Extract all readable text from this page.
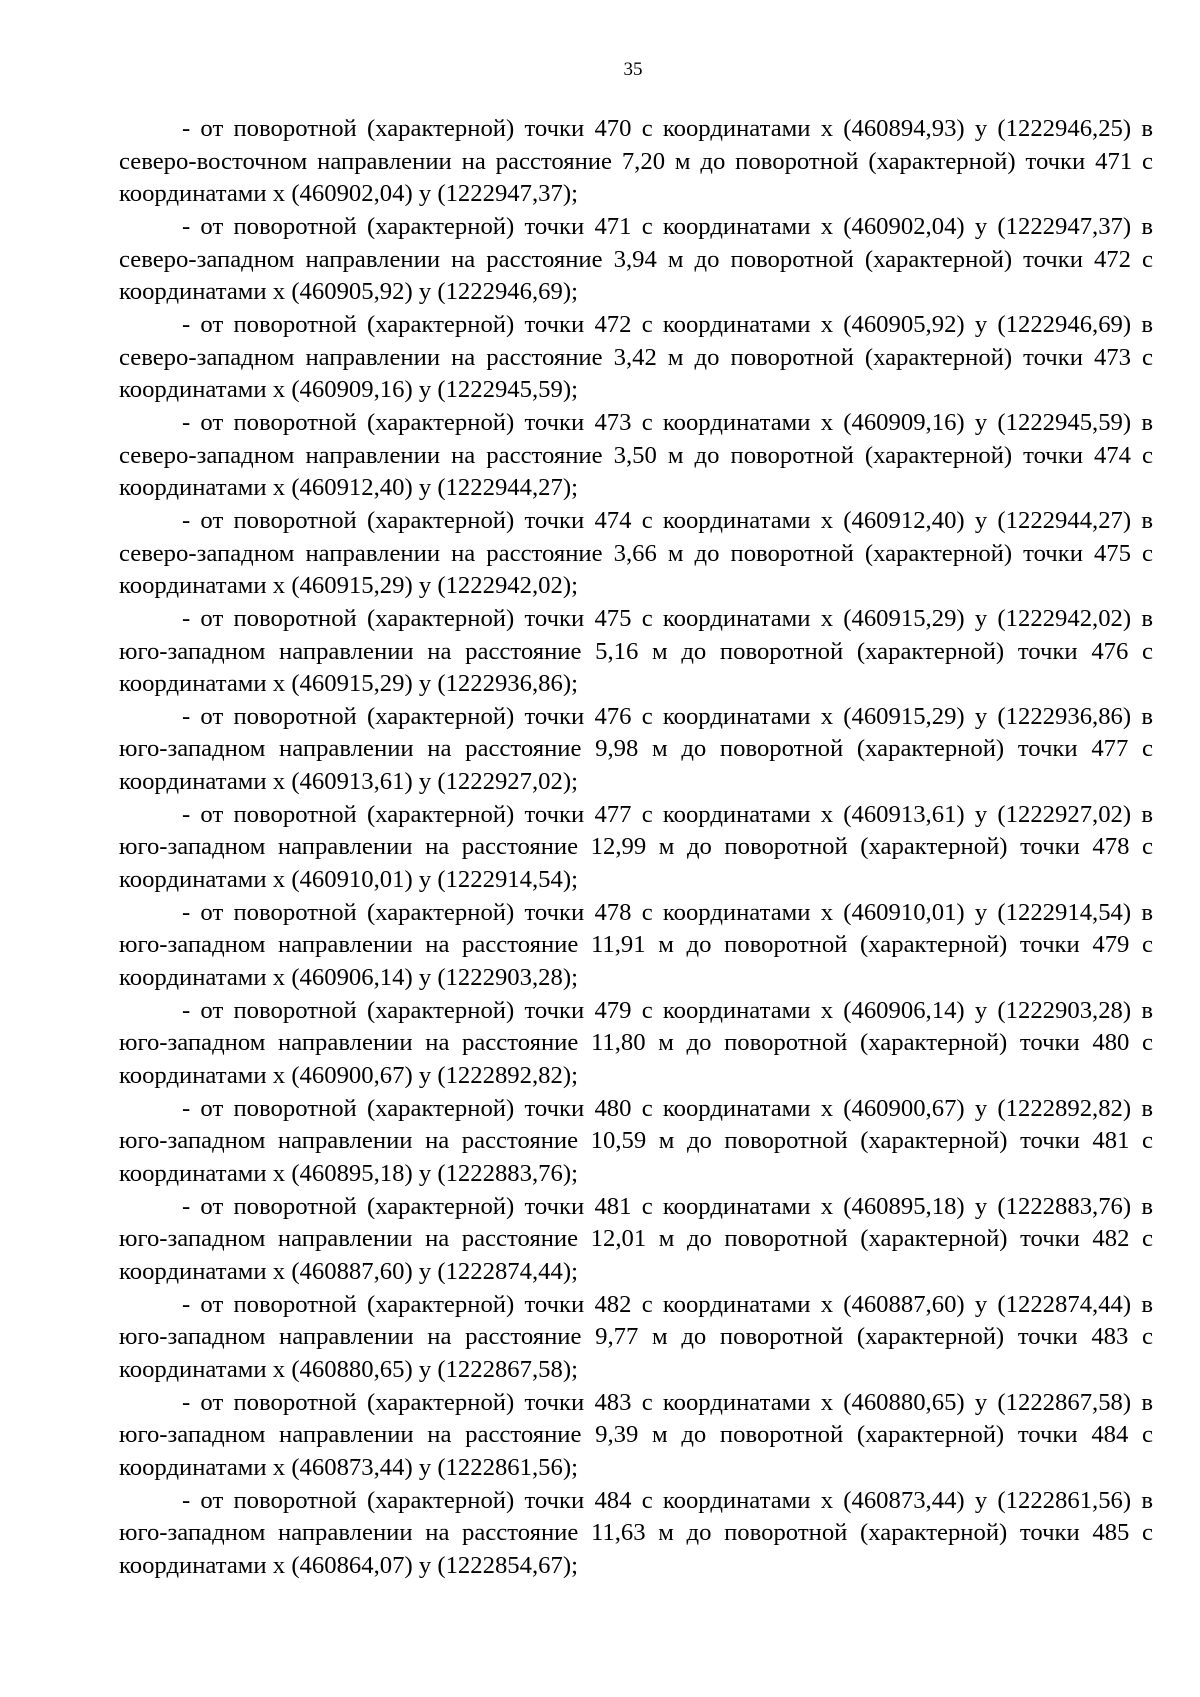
35

- от поворотной (характерной) точки 470 с координатами х (460894,93) у (1222946,25) в северо-восточном направлении на расстояние 7,20 м до поворотной (характерной) точки 471 с координатами х (460902,04) у (1222947,37);

- от поворотной (характерной) точки 471 с координатами х (460902,04) у (1222947,37) в северо-западном направлении на расстояние 3,94 м до поворотной (характерной) точки 472 с координатами х (460905,92) у (1222946,69);

- от поворотной (характерной) точки 472 с координатами х (460905,92) у (1222946,69) в северо-западном направлении на расстояние 3,42 м до поворотной (характерной) точки 473 с координатами х (460909,16) у (1222945,59);

- от поворотной (характерной) точки 473 с координатами х (460909,16) у (1222945,59) в северо-западном направлении на расстояние 3,50 м до поворотной (характерной) точки 474 с координатами х (460912,40) у (1222944,27);

- от поворотной (характерной) точки 474 с координатами х (460912,40) у (1222944,27) в северо-западном направлении на расстояние 3,66 м до поворотной (характерной) точки 475 с координатами х (460915,29) у (1222942,02);

- от поворотной (характерной) точки 475 с координатами х (460915,29) у (1222942,02) в юго-западном направлении на расстояние 5,16 м до поворотной (характерной) точки 476 с координатами х (460915,29) у (1222936,86);

- от поворотной (характерной) точки 476 с координатами х (460915,29) у (1222936,86) в юго-западном направлении на расстояние 9,98 м до поворотной (характерной) точки 477 с координатами х (460913,61) у (1222927,02);

- от поворотной (характерной) точки 477 с координатами х (460913,61) у (1222927,02) в юго-западном направлении на расстояние 12,99 м до поворотной (характерной) точки 478 с координатами х (460910,01) у (1222914,54);

- от поворотной (характерной) точки 478 с координатами х (460910,01) у (1222914,54) в юго-западном направлении на расстояние 11,91 м до поворотной (характерной) точки 479 с координатами х (460906,14) у (1222903,28);

- от поворотной (характерной) точки 479 с координатами х (460906,14) у (1222903,28) в юго-западном направлении на расстояние 11,80 м до поворотной (характерной) точки 480 с координатами х (460900,67) у (1222892,82);

- от поворотной (характерной) точки 480 с координатами х (460900,67) у (1222892,82) в юго-западном направлении на расстояние 10,59 м до поворотной (характерной) точки 481 с координатами х (460895,18) у (1222883,76);

- от поворотной (характерной) точки 481 с координатами х (460895,18) у (1222883,76) в юго-западном направлении на расстояние 12,01 м до поворотной (характерной) точки 482 с координатами х (460887,60) у (1222874,44);

- от поворотной (характерной) точки 482 с координатами х (460887,60) у (1222874,44) в юго-западном направлении на расстояние 9,77 м до поворотной (характерной) точки 483 с координатами х (460880,65) у (1222867,58);

- от поворотной (характерной) точки 483 с координатами х (460880,65) у (1222867,58) в юго-западном направлении на расстояние 9,39 м до поворотной (характерной) точки 484 с координатами х (460873,44) у (1222861,56);

- от поворотной (характерной) точки 484 с координатами х (460873,44) у (1222861,56) в юго-западном направлении на расстояние 11,63 м до поворотной (характерной) точки 485 с координатами х (460864,07) у (1222854,67);
